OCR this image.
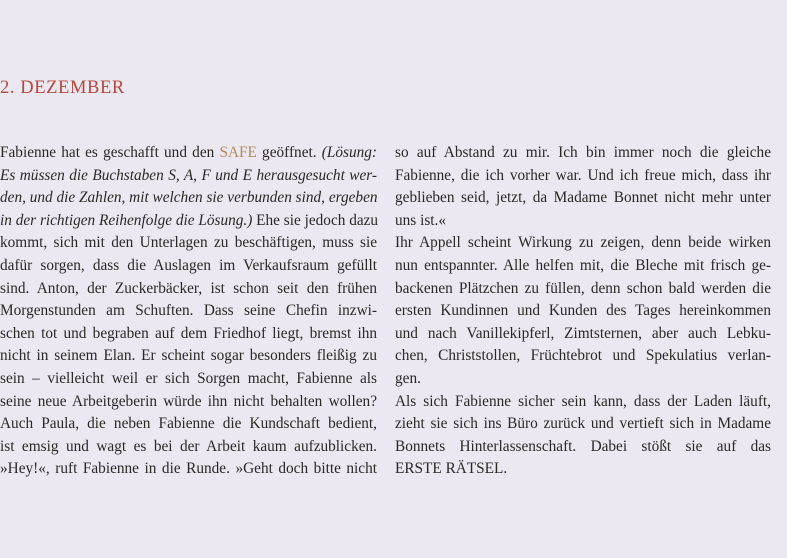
2. DEZEMBER
Fabienne hat es geschafft und den SAFE geöffnet. (Lösung:
Es müssen die Buchstaben S, A, F und E herausgesucht wer-
den, und die Zahlen, mit welchen sie verbunden sind, ergeben
in der richtigen Reihenfolge die Lösung.) Ehe sie jedoch dazu
kommt, sich mit den Unterlagen zu beschäftigen, muss sie
dafür sorgen, dass die Auslagen im Verkaufsraum gefüllt
sind. Anton, der Zuckerbäcker, ist schon seit den frühen
Morgenstunden am Schuften. Dass seine Chefin inzwi-
schen tot und begraben auf dem Friedhof liegt, bremst ihn
nicht in seinem Elan. Er scheint sogar besonders fleißig zu
sein – vielleicht weil er sich Sorgen macht, Fabienne als
seine neue Arbeitgeberin würde ihn nicht behalten wollen?
Auch Paula, die neben Fabienne die Kundschaft bedient,
ist emsig und wagt es bei der Arbeit kaum aufzublicken.
»Hey!«, ruft Fabienne in die Runde. »Geht doch bitte nicht
so auf Abstand zu mir. Ich bin immer noch die gleiche
Fabienne, die ich vorher war. Und ich freue mich, dass ihr
geblieben seid, jetzt, da Madame Bonnet nicht mehr unter
uns ist.«
Ihr Appell scheint Wirkung zu zeigen, denn beide wirken
nun entspannter. Alle helfen mit, die Bleche mit frisch ge-
backenen Plätzchen zu füllen, denn schon bald werden die
ersten Kundinnen und Kunden des Tages hereinkommen
und nach Vanillekipferl, Zimtsternen, aber auch Lebku-
chen, Christstollen, Früchtebrot und Spekulatius verlan-
gen.
Als sich Fabienne sicher sein kann, dass der Laden läuft,
zieht sie sich ins Büro zurück und vertieft sich in Madame
Bonnets Hinterlassenschaft. Dabei stößt sie auf das
ERSTE RÄTSEL.
